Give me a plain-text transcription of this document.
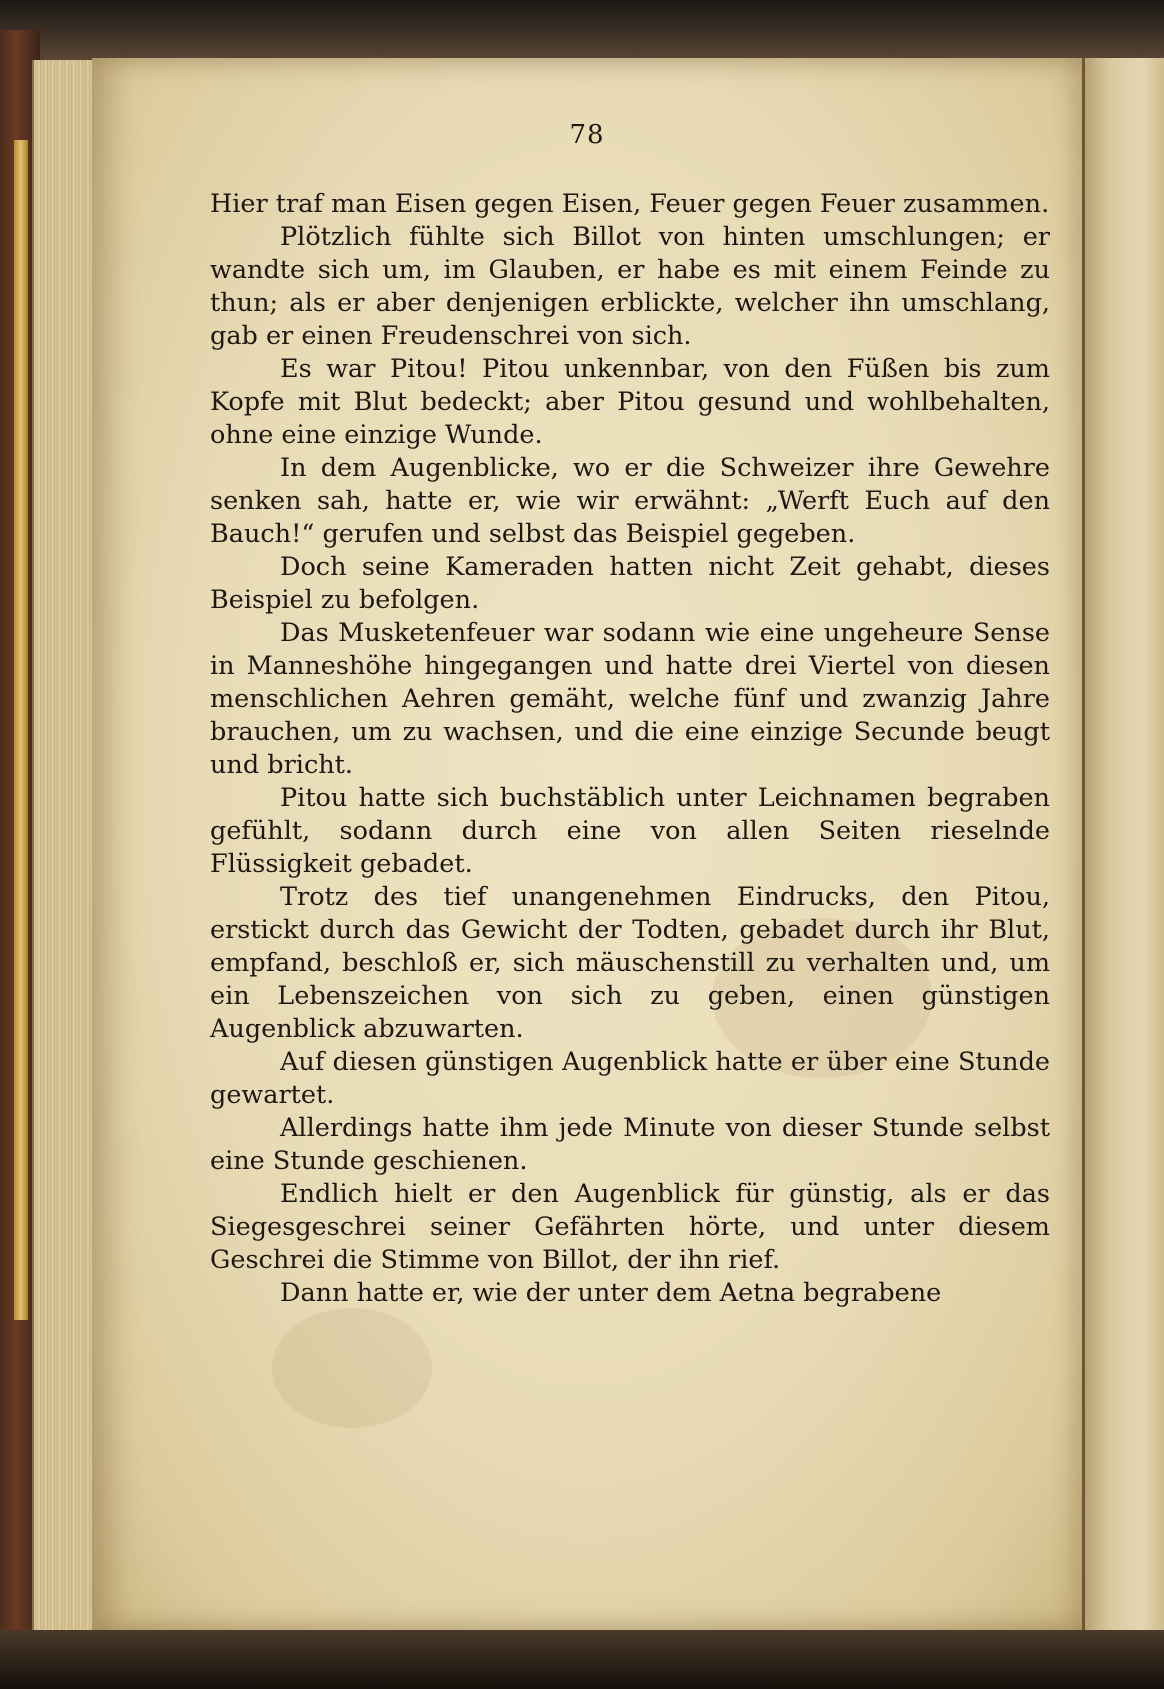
78

Hier traf man Eisen gegen Eisen, Feuer gegen Feuer zusammen.

Plötzlich fühlte sich Billot von hinten umschlungen; er wandte sich um, im Glauben, er habe es mit einem Feinde zu thun; als er aber denjenigen erblickte, welcher ihn umschlang, gab er einen Freudenschrei von sich.

Es war Pitou! Pitou unkennbar, von den Füßen bis zum Kopfe mit Blut bedeckt; aber Pitou gesund und wohlbehalten, ohne eine einzige Wunde.

In dem Augenblicke, wo er die Schweizer ihre Gewehre senken sah, hatte er, wie wir erwähnt: „Werft Euch auf den Bauch!“ gerufen und selbst das Beispiel gegeben.

Doch seine Kameraden hatten nicht Zeit gehabt, dieses Beispiel zu befolgen.

Das Musketenfeuer war sodann wie eine ungeheure Sense in Manneshöhe hingegangen und hatte drei Viertel von diesen menschlichen Aehren gemäht, welche fünf und zwanzig Jahre brauchen, um zu wachsen, und die eine einzige Secunde beugt und bricht.

Pitou hatte sich buchstäblich unter Leichnamen begraben gefühlt, sodann durch eine von allen Seiten rieselnde Flüssigkeit gebadet.

Trotz des tief unangenehmen Eindrucks, den Pitou, erstickt durch das Gewicht der Todten, gebadet durch ihr Blut, empfand, beschloß er, sich mäuschenstill zu verhalten und, um ein Lebenszeichen von sich zu geben, einen günstigen Augenblick abzuwarten.

Auf diesen günstigen Augenblick hatte er über eine Stunde gewartet.

Allerdings hatte ihm jede Minute von dieser Stunde selbst eine Stunde geschienen.

Endlich hielt er den Augenblick für günstig, als er das Siegesgeschrei seiner Gefährten hörte, und unter diesem Geschrei die Stimme von Billot, der ihn rief.

Dann hatte er, wie der unter dem Aetna begrabene
